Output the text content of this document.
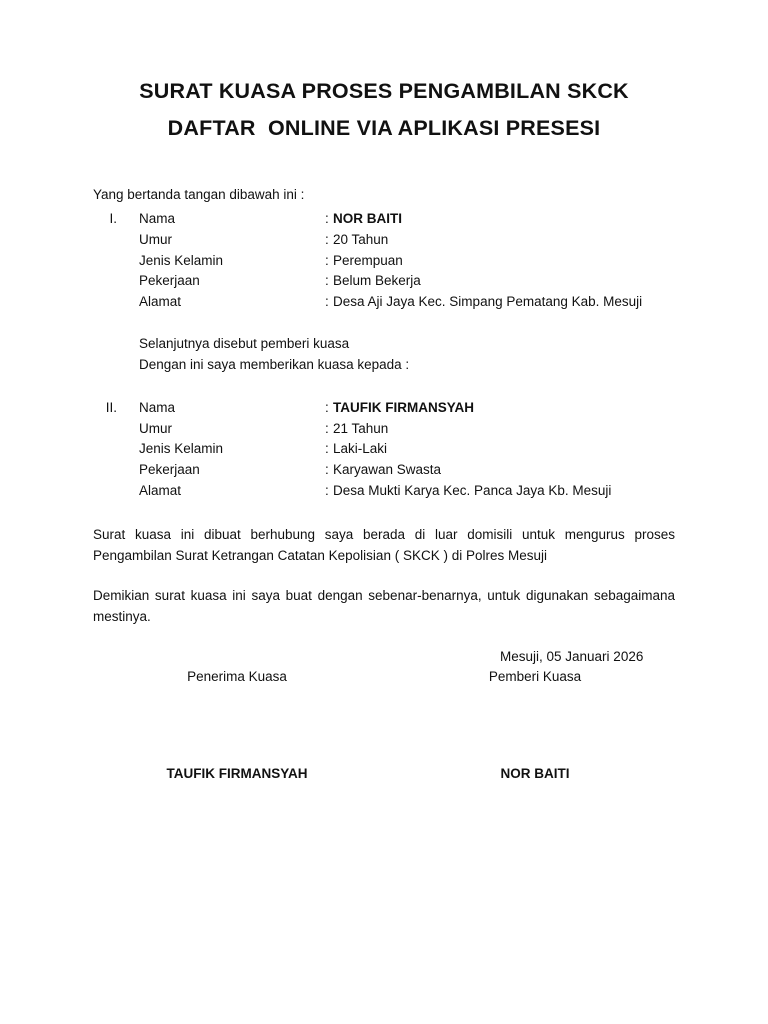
SURAT KUASA PROSES PENGAMBILAN SKCK
DAFTAR  ONLINE VIA APLIKASI PRESESI
Yang bertanda tangan dibawah ini :
I. Nama	: NOR BAITI
Umur	: 20 Tahun
Jenis Kelamin	: Perempuan
Pekerjaan	: Belum Bekerja
Alamat	: Desa Aji Jaya Kec. Simpang Pematang Kab. Mesuji
Selanjutnya disebut pemberi kuasa
Dengan ini saya memberikan kuasa kepada :
II. Nama	: TAUFIK FIRMANSYAH
Umur	: 21 Tahun
Jenis Kelamin	: Laki-Laki
Pekerjaan	: Karyawan Swasta
Alamat	: Desa Mukti Karya Kec. Panca Jaya Kb. Mesuji
Surat kuasa ini dibuat berhubung saya berada di luar domisili untuk mengurus proses Pengambilan Surat Ketrangan Catatan Kepolisian ( SKCK ) di Polres Mesuji
Demikian surat kuasa ini saya buat dengan sebenar-benarnya, untuk digunakan sebagaimana mestinya.
Mesuji, 05 Januari 2026
Penerima Kuasa	Pemberi Kuasa
TAUFIK FIRMANSYAH	NOR BAITI
